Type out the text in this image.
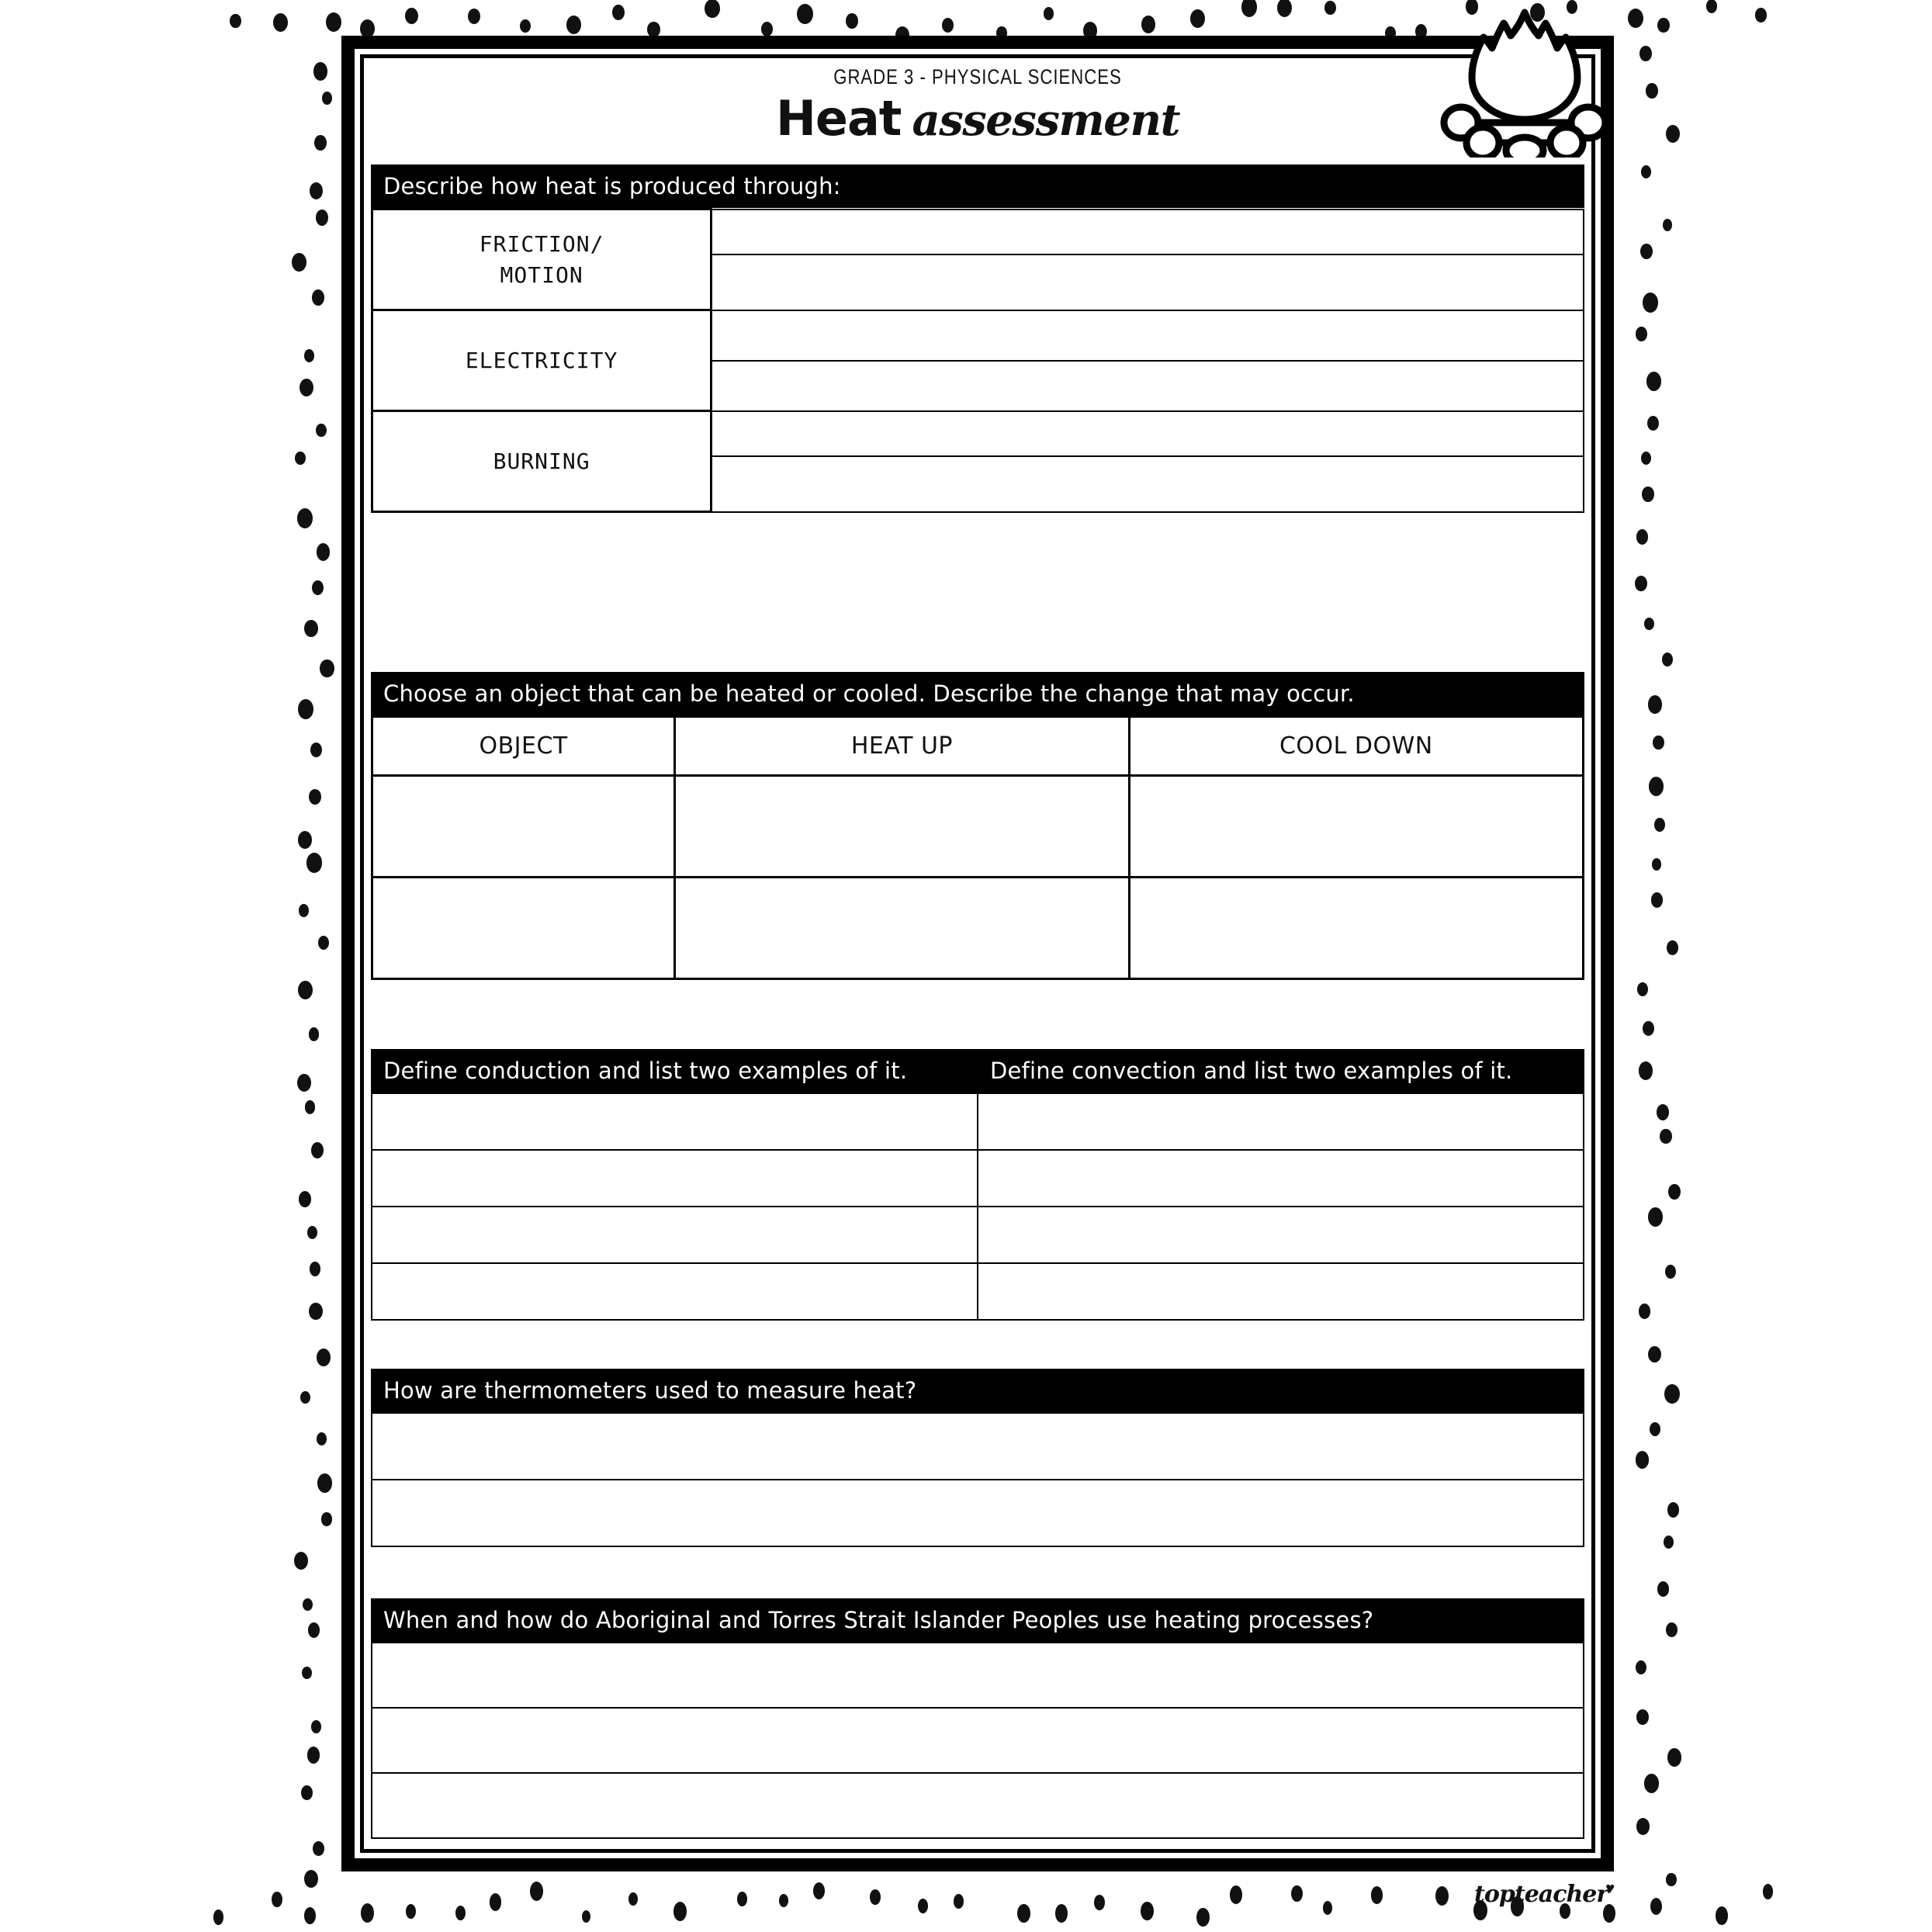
GRADE 3 - PHYSICAL SCIENCES
Heat assessment
Describe how heat is produced through:
FRICTION/
MOTION	

ELECTRICITY	

BURNING	

Choose an object that can be heated or cooled. Describe the change that may occur.
OBJECT	HEAT UP	COOL DOWN

Define conduction and list two examples of it.	Define convection and list two examples of it.

How are thermometers used to measure heat?

When and how do Aboriginal and Torres Strait Islander Peoples use heating processes?

topteacher♥
